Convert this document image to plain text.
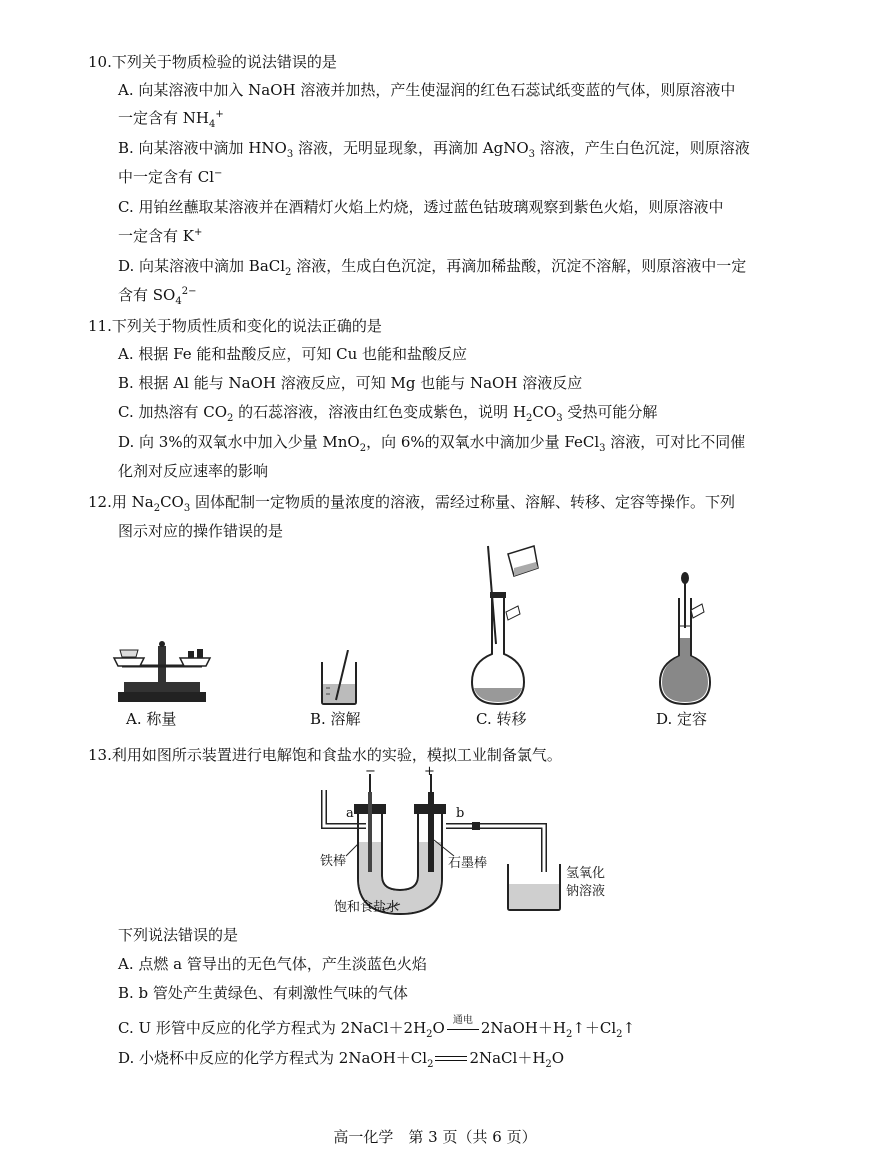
10.下列关于物质检验的说法错误的是
A. 向某溶液中加入 NaOH 溶液并加热，产生使湿润的红色石蕊试纸变蓝的气体，则原溶液中
一定含有 $NH_4^+$
B. 向某溶液中滴加 $HNO_3$ 溶液，无明显现象，再滴加 AgNO$_3$ 溶液，产生白色沉淀，则原溶液
中一定含有 Cl−
C. 用铂丝蘸取某溶液并在酒精灯火焰上灼烧，透过蓝色钴玻璃观察到紫色火焰，则原溶液中
一定含有 K+
D. 向某溶液中滴加 BaCl$_2$ 溶液，生成白色沉淀，再滴加稀盐酸，沉淀不溶解，则原溶液中一定
含有 $SO_4^{2-}$
11.下列关于物质性质和变化的说法正确的是
A. 根据 Fe 能和盐酸反应，可知 Cu 也能和盐酸反应
B. 根据 Al 能与 NaOH 溶液反应，可知 Mg 也能与 NaOH 溶液反应
C. 加热溶有 $CO_2$ 的石蕊溶液，溶液由红色变成紫色，说明 $H_2CO_3$ 受热可能分解
D. 向 3%的双氧水中加入少量 MnO$_2$，向 6%的双氧水中滴加少量 FeCl$_3$ 溶液，可对比不同催
化剂对反应速率的影响
12.用 $Na_2CO_3$ 固体配制一定物质的量浓度的溶液，需经过称量、溶解、转移、定容等操作。下列
图示对应的操作错误的是
A. 称量	B. 溶解	C. 转移	D. 定容
13.利用如图所示装置进行电解饱和食盐水的实验，模拟工业制备氯气。
−	+
a	b
铁棒	石墨棒
饱和食盐水
氢氧化
钠溶液
下列说法错误的是
A. 点燃 a 管导出的无色气体，产生淡蓝色火焰
B. b 管处产生黄绿色、有刺激性气味的气体
C. U 形管中反应的化学方程式为 $2NaCl+2H_2O$ 通电 $2NaOH+H_2↑+Cl_2↑$
D. 小烧杯中反应的化学方程式为 $2NaOH+Cl_2$ $2NaCl+H_2O$
高一化学　第 3 页（共 6 页）
